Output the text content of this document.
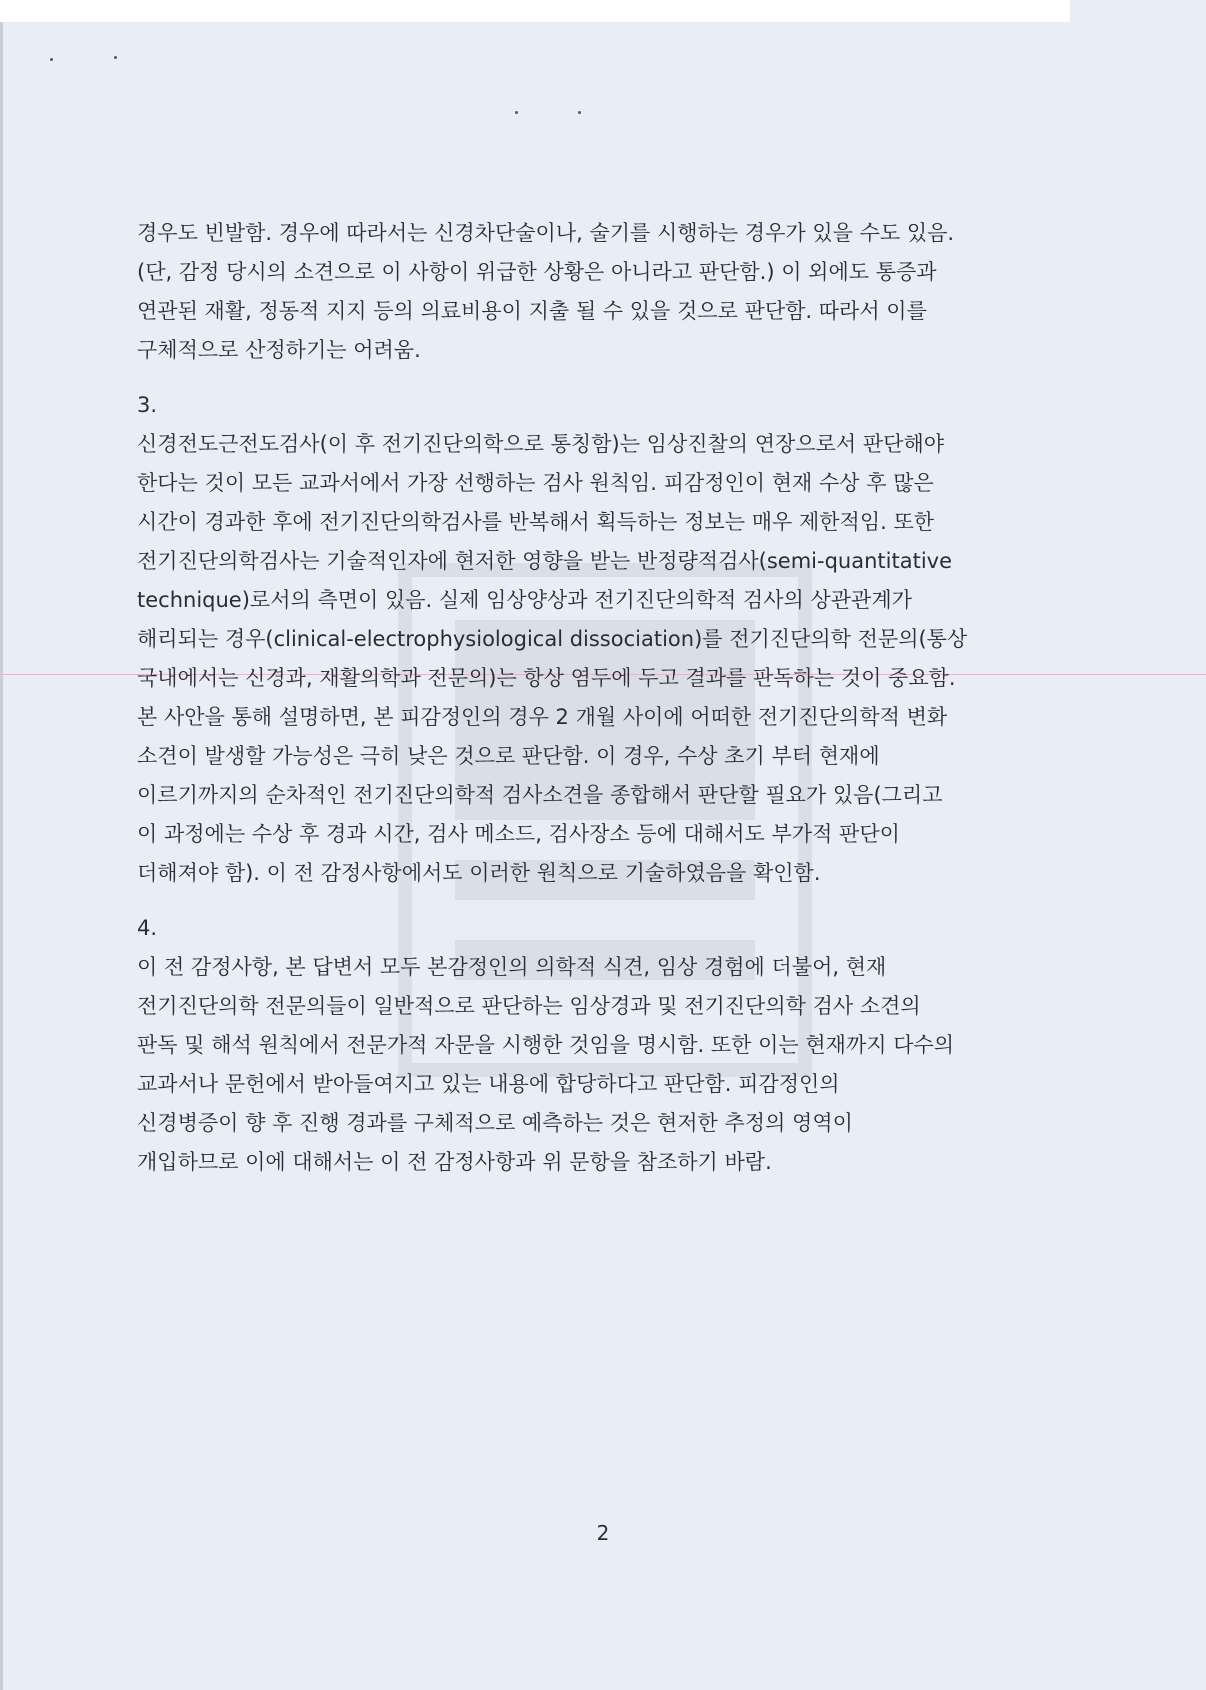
경우도 빈발함. 경우에 따라서는 신경차단술이나, 술기를 시행하는 경우가 있을 수도 있음.
(단, 감정 당시의 소견으로 이 사항이 위급한 상황은 아니라고 판단함.) 이 외에도 통증과
연관된 재활, 정동적 지지 등의 의료비용이 지출 될 수 있을 것으로 판단함. 따라서 이를
구체적으로 산정하기는 어려움.
3.
신경전도근전도검사(이 후 전기진단의학으로 통칭함)는 임상진찰의 연장으로서 판단해야
한다는 것이 모든 교과서에서 가장 선행하는 검사 원칙임. 피감정인이 현재 수상 후 많은
시간이 경과한 후에 전기진단의학검사를 반복해서 획득하는 정보는 매우 제한적임. 또한
전기진단의학검사는 기술적인자에 현저한 영향을 받는 반정량적검사(semi-quantitative
technique)로서의 측면이 있음. 실제 임상양상과 전기진단의학적 검사의 상관관계가
해리되는 경우(clinical-electrophysiological dissociation)를 전기진단의학 전문의(통상
국내에서는 신경과, 재활의학과 전문의)는 항상 염두에 두고 결과를 판독하는 것이 중요함.
본 사안을 통해 설명하면, 본 피감정인의 경우 2 개월 사이에 어떠한 전기진단의학적 변화
소견이 발생할 가능성은 극히 낮은 것으로 판단함. 이 경우, 수상 초기 부터 현재에
이르기까지의 순차적인 전기진단의학적 검사소견을 종합해서 판단할 필요가 있음(그리고
이 과정에는 수상 후 경과 시간, 검사 메소드, 검사장소 등에 대해서도 부가적 판단이
더해져야 함). 이 전 감정사항에서도 이러한 원칙으로 기술하였음을 확인함.
4.
이 전 감정사항, 본 답변서 모두 본감정인의 의학적 식견, 임상 경험에 더불어, 현재
전기진단의학 전문의들이 일반적으로 판단하는 임상경과 및 전기진단의학 검사 소견의
판독 및 해석 원칙에서 전문가적 자문을 시행한 것임을 명시함. 또한 이는 현재까지 다수의
교과서나 문헌에서 받아들여지고 있는 내용에 합당하다고 판단함. 피감정인의
신경병증이 향 후 진행 경과를 구체적으로 예측하는 것은 현저한 추정의 영역이
개입하므로 이에 대해서는 이 전 감정사항과 위 문항을 참조하기 바람.
2
